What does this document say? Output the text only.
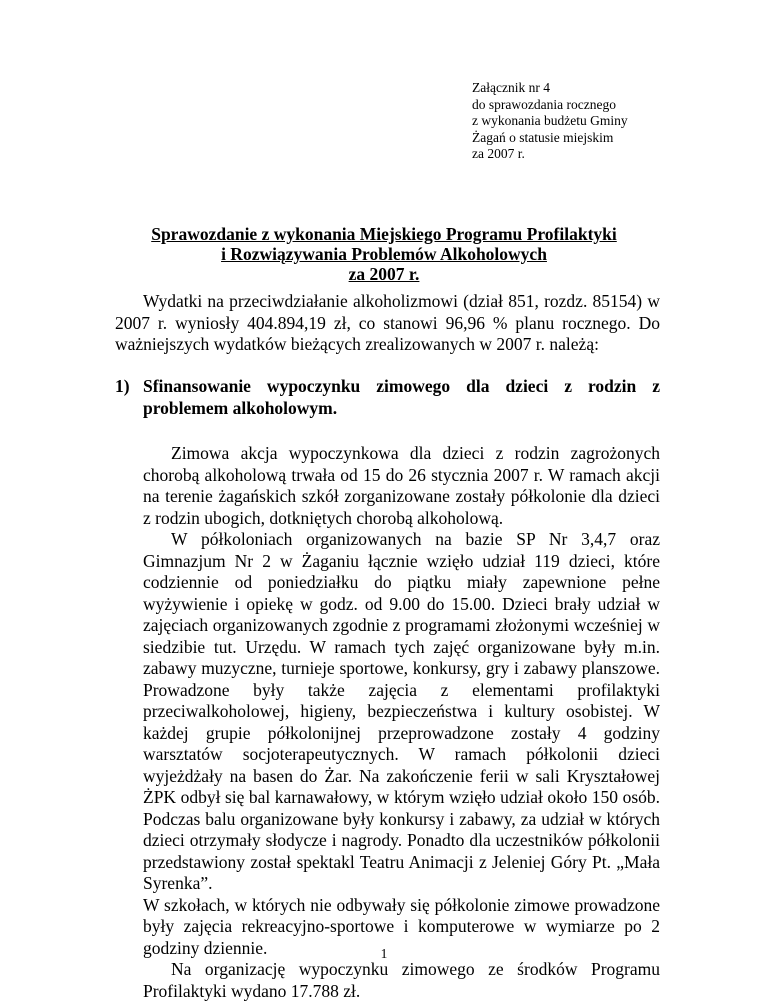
Załącznik nr 4
do sprawozdania rocznego
z wykonania budżetu Gminy
Żagań o statusie miejskim
za 2007 r.
Sprawozdanie z wykonania Miejskiego Programu Profilaktyki
i Rozwiązywania Problemów Alkoholowych
za 2007 r.

Wydatki na przeciwdziałanie alkoholizmowi (dział 851, rozdz. 85154) w 2007 r. wyniosły 404.894,19 zł, co stanowi 96,96 % planu rocznego. Do ważniejszych wydatków bieżących zrealizowanych w 2007 r. należą:

1) Sfinansowanie wypoczynku zimowego dla dzieci z rodzin z problemem alkoholowym.

Zimowa akcja wypoczynkowa dla dzieci z rodzin zagrożonych chorobą alkoholową trwała od 15 do 26 stycznia 2007 r. W ramach akcji na terenie żagańskich szkół zorganizowane zostały półkolonie dla dzieci z rodzin ubogich, dotkniętych chorobą alkoholową.

W półkoloniach organizowanych na bazie SP Nr 3,4,7 oraz Gimnazjum Nr 2 w Żaganiu łącznie wzięło udział 119 dzieci, które codziennie od poniedziałku do piątku miały zapewnione pełne wyżywienie i opiekę w godz. od 9.00 do 15.00. Dzieci brały udział w zajęciach organizowanych zgodnie z programami złożonymi wcześniej w siedzibie tut. Urzędu. W ramach tych zajęć organizowane były m.in. zabawy muzyczne, turnieje sportowe, konkursy, gry i zabawy planszowe. Prowadzone były także zajęcia z elementami profilaktyki przeciwalkoholowej, higieny, bezpieczeństwa i kultury osobistej. W każdej grupie półkolonijnej przeprowadzone zostały 4 godziny warsztatów socjoterapeutycznych. W ramach półkolonii dzieci wyjeżdżały na basen do Żar. Na zakończenie ferii w sali Kryształowej ŻPK odbył się bal karnawałowy, w którym wzięło udział około 150 osób. Podczas balu organizowane były konkursy i zabawy, za udział w których dzieci otrzymały słodycze i nagrody. Ponadto dla uczestników półkolonii przedstawiony został spektakl Teatru Animacji z Jeleniej Góry Pt. „Mała Syrenka”.

W szkołach, w których nie odbywały się półkolonie zimowe prowadzone były zajęcia rekreacyjno-sportowe i komputerowe w wymiarze po 2 godziny dziennie.

Na organizację wypoczynku zimowego ze środków Programu Profilaktyki wydano 17.788 zł.

1
